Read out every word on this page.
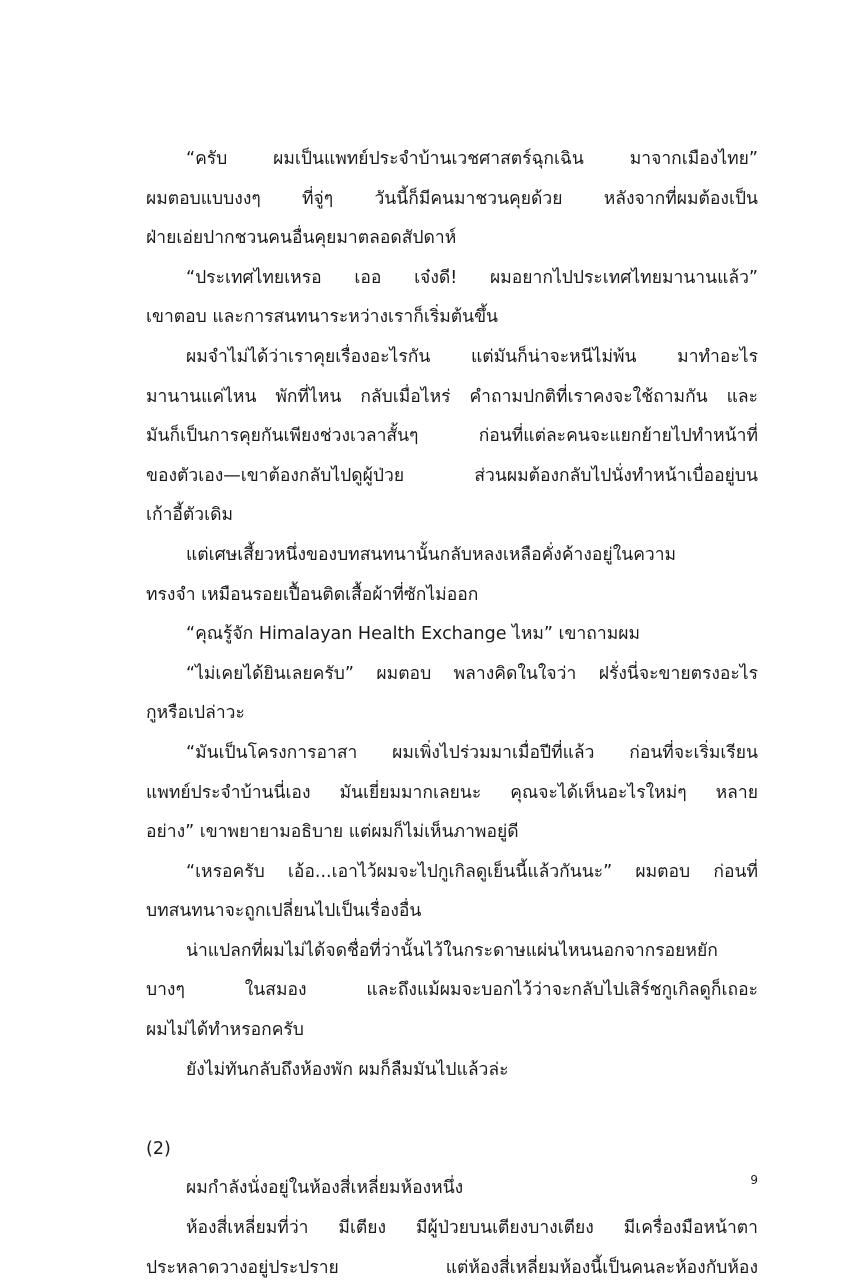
“ครับ ผมเป็นแพทย์ประจำบ้านเวชศาสตร์ฉุกเฉิน มาจากเมืองไทย”
ผมตอบแบบงงๆ ที่จู่ๆ วันนี้ก็มีคนมาชวนคุยด้วย หลังจากที่ผมต้องเป็น
ฝ่ายเอ่ยปากชวนคนอื่นคุยมาตลอดสัปดาห์
“ประเทศไทยเหรอ เออ เจ๋งดี! ผมอยากไปประเทศไทยมานานแล้ว”
เขาตอบ และการสนทนาระหว่างเราก็เริ่มต้นขึ้น
ผมจำไม่ได้ว่าเราคุยเรื่องอะไรกัน แต่มันก็น่าจะหนีไม่พ้น มาทำอะไร
มานานแค่ไหน พักที่ไหน กลับเมื่อไหร่ คำถามปกติที่เราคงจะใช้ถามกัน และ
มันก็เป็นการคุยกันเพียงช่วงเวลาสั้นๆ ก่อนที่แต่ละคนจะแยกย้ายไปทำหน้าที่
ของตัวเอง—เขาต้องกลับไปดูผู้ป่วย ส่วนผมต้องกลับไปนั่งทำหน้าเบื่ออยู่บน
เก้าอี้ตัวเดิม
แต่เศษเสี้ยวหนึ่งของบทสนทนานั้นกลับหลงเหลือคั่งค้างอยู่ในความ
ทรงจำ เหมือนรอยเปื้อนติดเสื้อผ้าที่ซักไม่ออก
“คุณรู้จัก Himalayan Health Exchange ไหม” เขาถามผม
“ไม่เคยได้ยินเลยครับ” ผมตอบ พลางคิดในใจว่า ฝรั่งนี่จะขายตรงอะไร
กูหรือเปล่าวะ
“มันเป็นโครงการอาสา ผมเพิ่งไปร่วมมาเมื่อปีที่แล้ว ก่อนที่จะเริ่มเรียน
แพทย์ประจำบ้านนี่เอง มันเยี่ยมมากเลยนะ คุณจะได้เห็นอะไรใหม่ๆ หลาย
อย่าง” เขาพยายามอธิบาย แต่ผมก็ไม่เห็นภาพอยู่ดี
“เหรอครับ เอ้อ...เอาไว้ผมจะไปกูเกิลดูเย็นนี้แล้วกันนะ” ผมตอบ ก่อนที่
บทสนทนาจะถูกเปลี่ยนไปเป็นเรื่องอื่น
น่าแปลกที่ผมไม่ได้จดชื่อที่ว่านั้นไว้ในกระดาษแผ่นไหนนอกจากรอยหยัก
บางๆ ในสมอง และถึงแม้ผมจะบอกไว้ว่าจะกลับไปเสิร์ชกูเกิลดูก็เถอะ
ผมไม่ได้ทำหรอกครับ
ยังไม่ทันกลับถึงห้องพัก ผมก็ลืมมันไปแล้วล่ะ
(2)
ผมกำลังนั่งอยู่ในห้องสี่เหลี่ยมห้องหนึ่ง
ห้องสี่เหลี่ยมที่ว่า มีเตียง มีผู้ป่วยบนเตียงบางเตียง มีเครื่องมือหน้าตา
ประหลาดวางอยู่ประปราย แต่ห้องสี่เหลี่ยมห้องนี้เป็นคนละห้องกับห้อง
9
